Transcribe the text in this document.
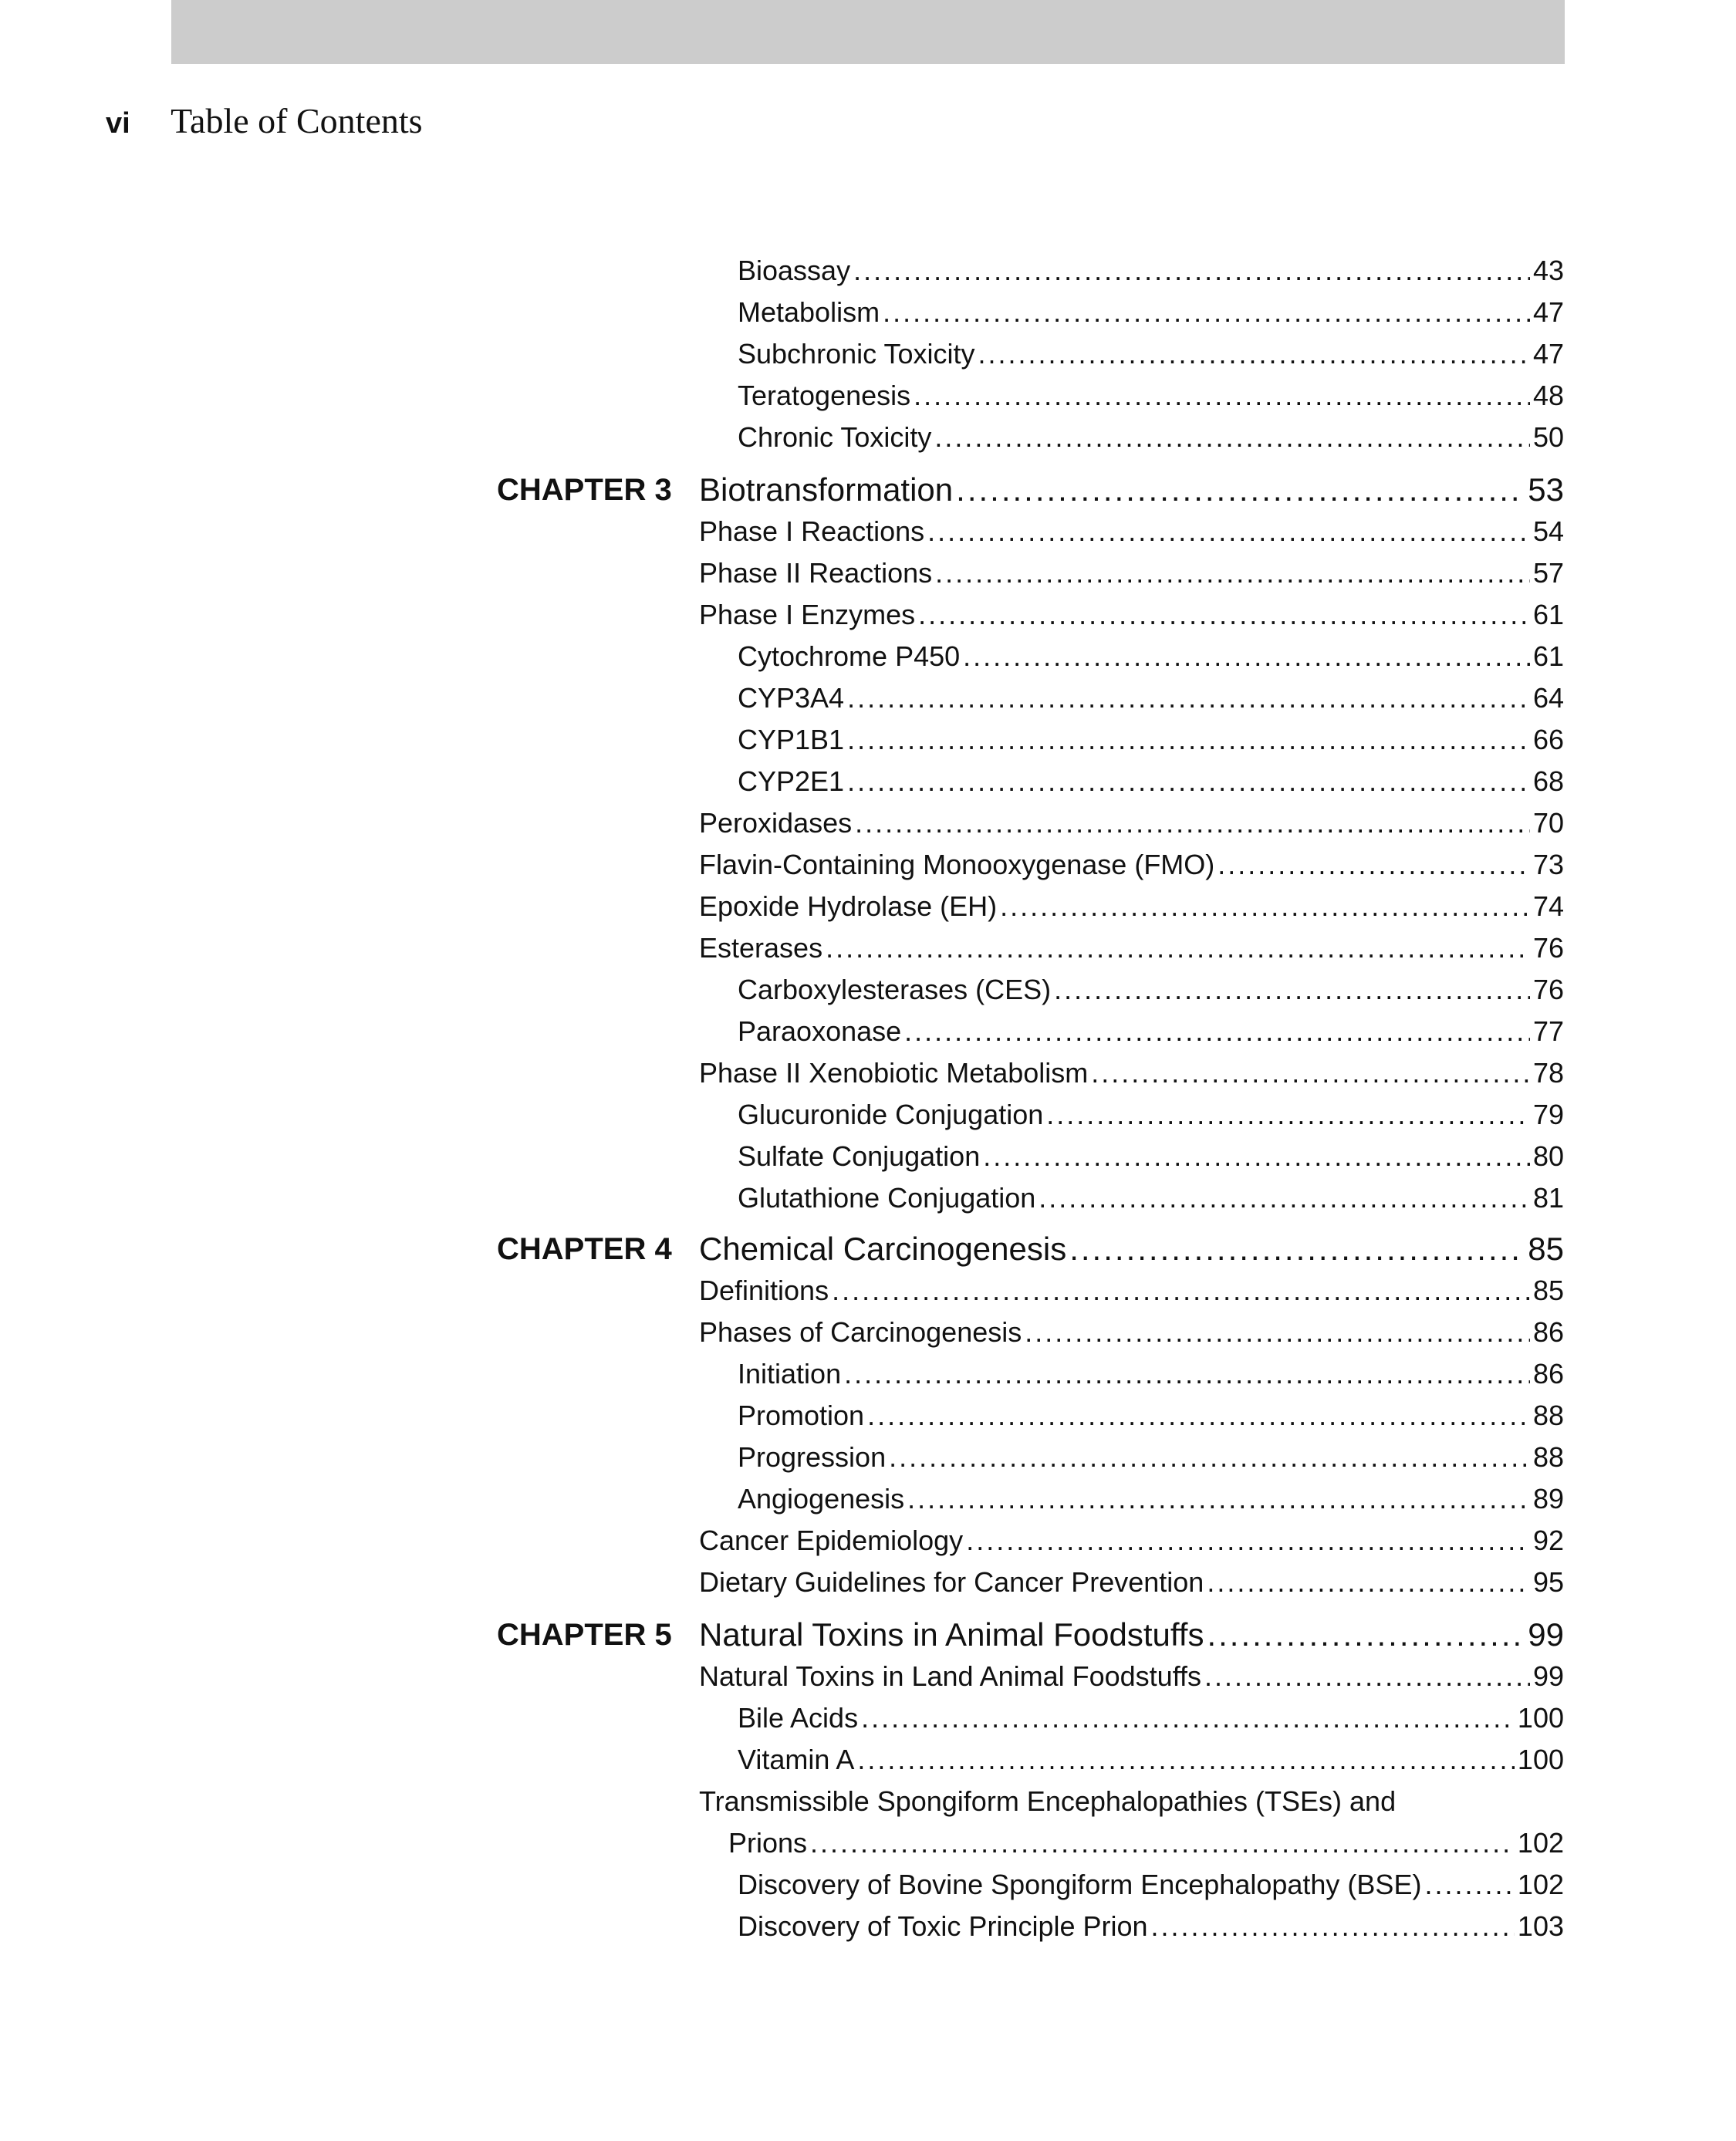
vi Table of Contents
Bioassay .....	43
Metabolism .....	47
Subchronic Toxicity .....	47
Teratogenesis .....	48
Chronic Toxicity .....	50
CHAPTER 3 Biotransformation .....	53
Phase I Reactions .....	54
Phase II Reactions .....	57
Phase I Enzymes .....	61
Cytochrome P450 .....	61
CYP3A4 .....	64
CYP1B1 .....	66
CYP2E1 .....	68
Peroxidases .....	70
Flavin-Containing Monooxygenase (FMO) .....	73
Epoxide Hydrolase (EH) .....	74
Esterases .....	76
Carboxylesterases (CES) .....	76
Paraoxonase .....	77
Phase II Xenobiotic Metabolism .....	78
Glucuronide Conjugation .....	79
Sulfate Conjugation .....	80
Glutathione Conjugation .....	81
CHAPTER 4 Chemical Carcinogenesis .....	85
Definitions .....	85
Phases of Carcinogenesis .....	86
Initiation .....	86
Promotion .....	88
Progression .....	88
Angiogenesis .....	89
Cancer Epidemiology .....	92
Dietary Guidelines for Cancer Prevention .....	95
CHAPTER 5 Natural Toxins in Animal Foodstuffs .....	99
Natural Toxins in Land Animal Foodstuffs .....	99
Bile Acids .....	100
Vitamin A .....	100
Transmissible Spongiform Encephalopathies (TSEs) and
Prions .....	102
Discovery of Bovine Spongiform Encephalopathy (BSE) .....	102
Discovery of Toxic Principle Prion .....	103
